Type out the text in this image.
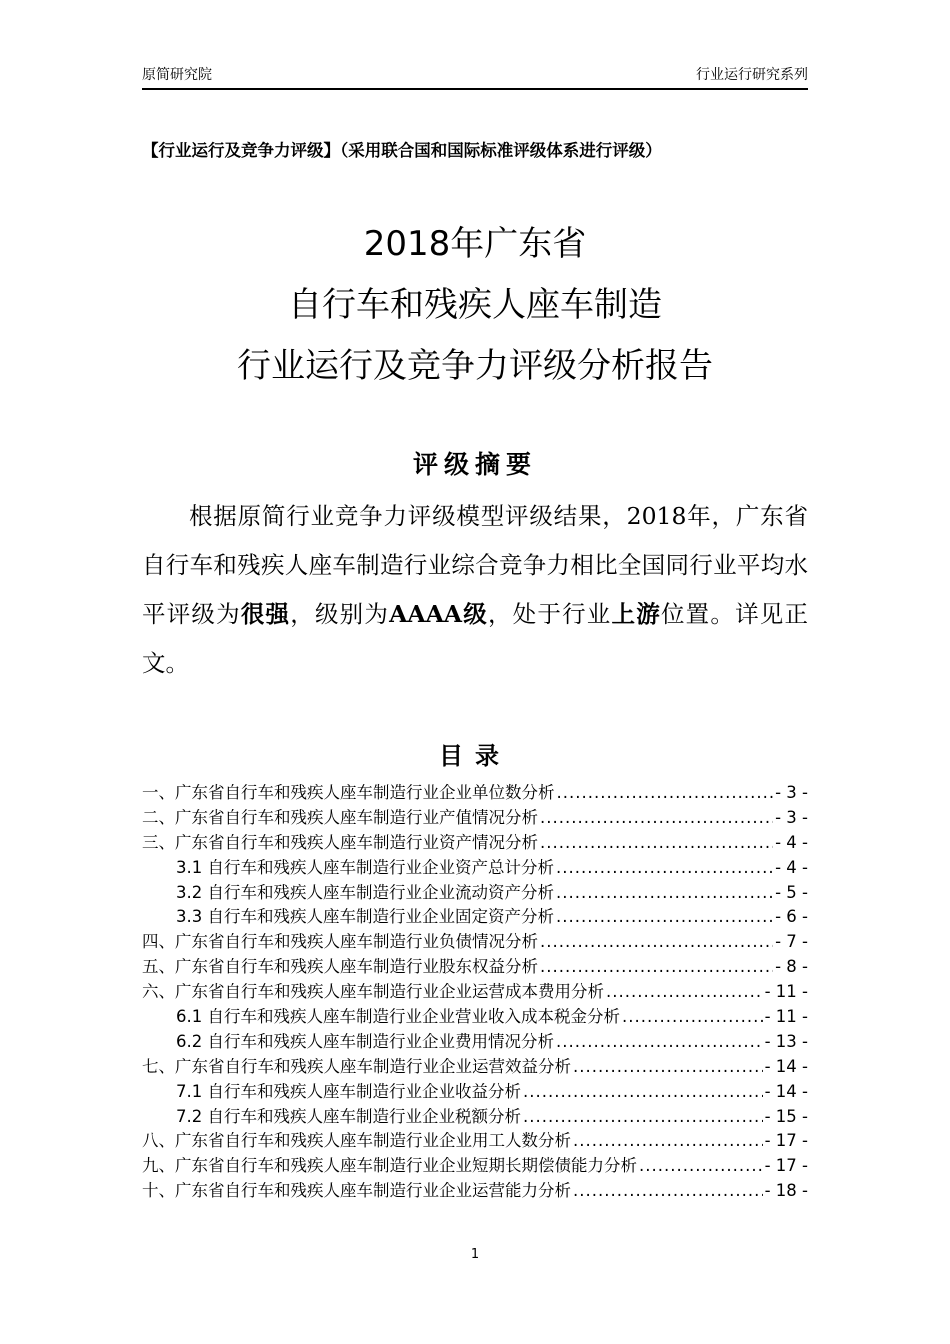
原简研究院	行业运行研究系列
【行业运行及竞争力评级】（采用联合国和国际标准评级体系进行评级）
2018年广东省
自行车和残疾人座车制造
行业运行及竞争力评级分析报告
评级摘要
根据原简行业竞争力评级模型评级结果，2018年，广东省自行车和残疾人座车制造行业综合竞争力相比全国同行业平均水平评级为很强，级别为AAAA级，处于行业上游位置。详见正文。
目录
一、广东省自行车和残疾人座车制造行业企业单位数分析 .....	- 3 -
二、广东省自行车和残疾人座车制造行业产值情况分析 .....	- 3 -
三、广东省自行车和残疾人座车制造行业资产情况分析 .....	- 4 -
3.1 自行车和残疾人座车制造行业企业资产总计分析 .....	- 4 -
3.2 自行车和残疾人座车制造行业企业流动资产分析 .....	- 5 -
3.3 自行车和残疾人座车制造行业企业固定资产分析 .....	- 6 -
四、广东省自行车和残疾人座车制造行业负债情况分析 .....	- 7 -
五、广东省自行车和残疾人座车制造行业股东权益分析 .....	- 8 -
六、广东省自行车和残疾人座车制造行业企业运营成本费用分析 .....	- 11 -
6.1 自行车和残疾人座车制造行业企业营业收入成本税金分析 .....	- 11 -
6.2 自行车和残疾人座车制造行业企业费用情况分析 .....	- 13 -
七、广东省自行车和残疾人座车制造行业企业运营效益分析 .....	- 14 -
7.1 自行车和残疾人座车制造行业企业收益分析 .....	- 14 -
7.2 自行车和残疾人座车制造行业企业税额分析 .....	- 15 -
八、广东省自行车和残疾人座车制造行业企业用工人数分析 .....	- 17 -
九、广东省自行车和残疾人座车制造行业企业短期长期偿债能力分析 .....	- 17 -
十、广东省自行车和残疾人座车制造行业企业运营能力分析 .....	- 18 -
1
